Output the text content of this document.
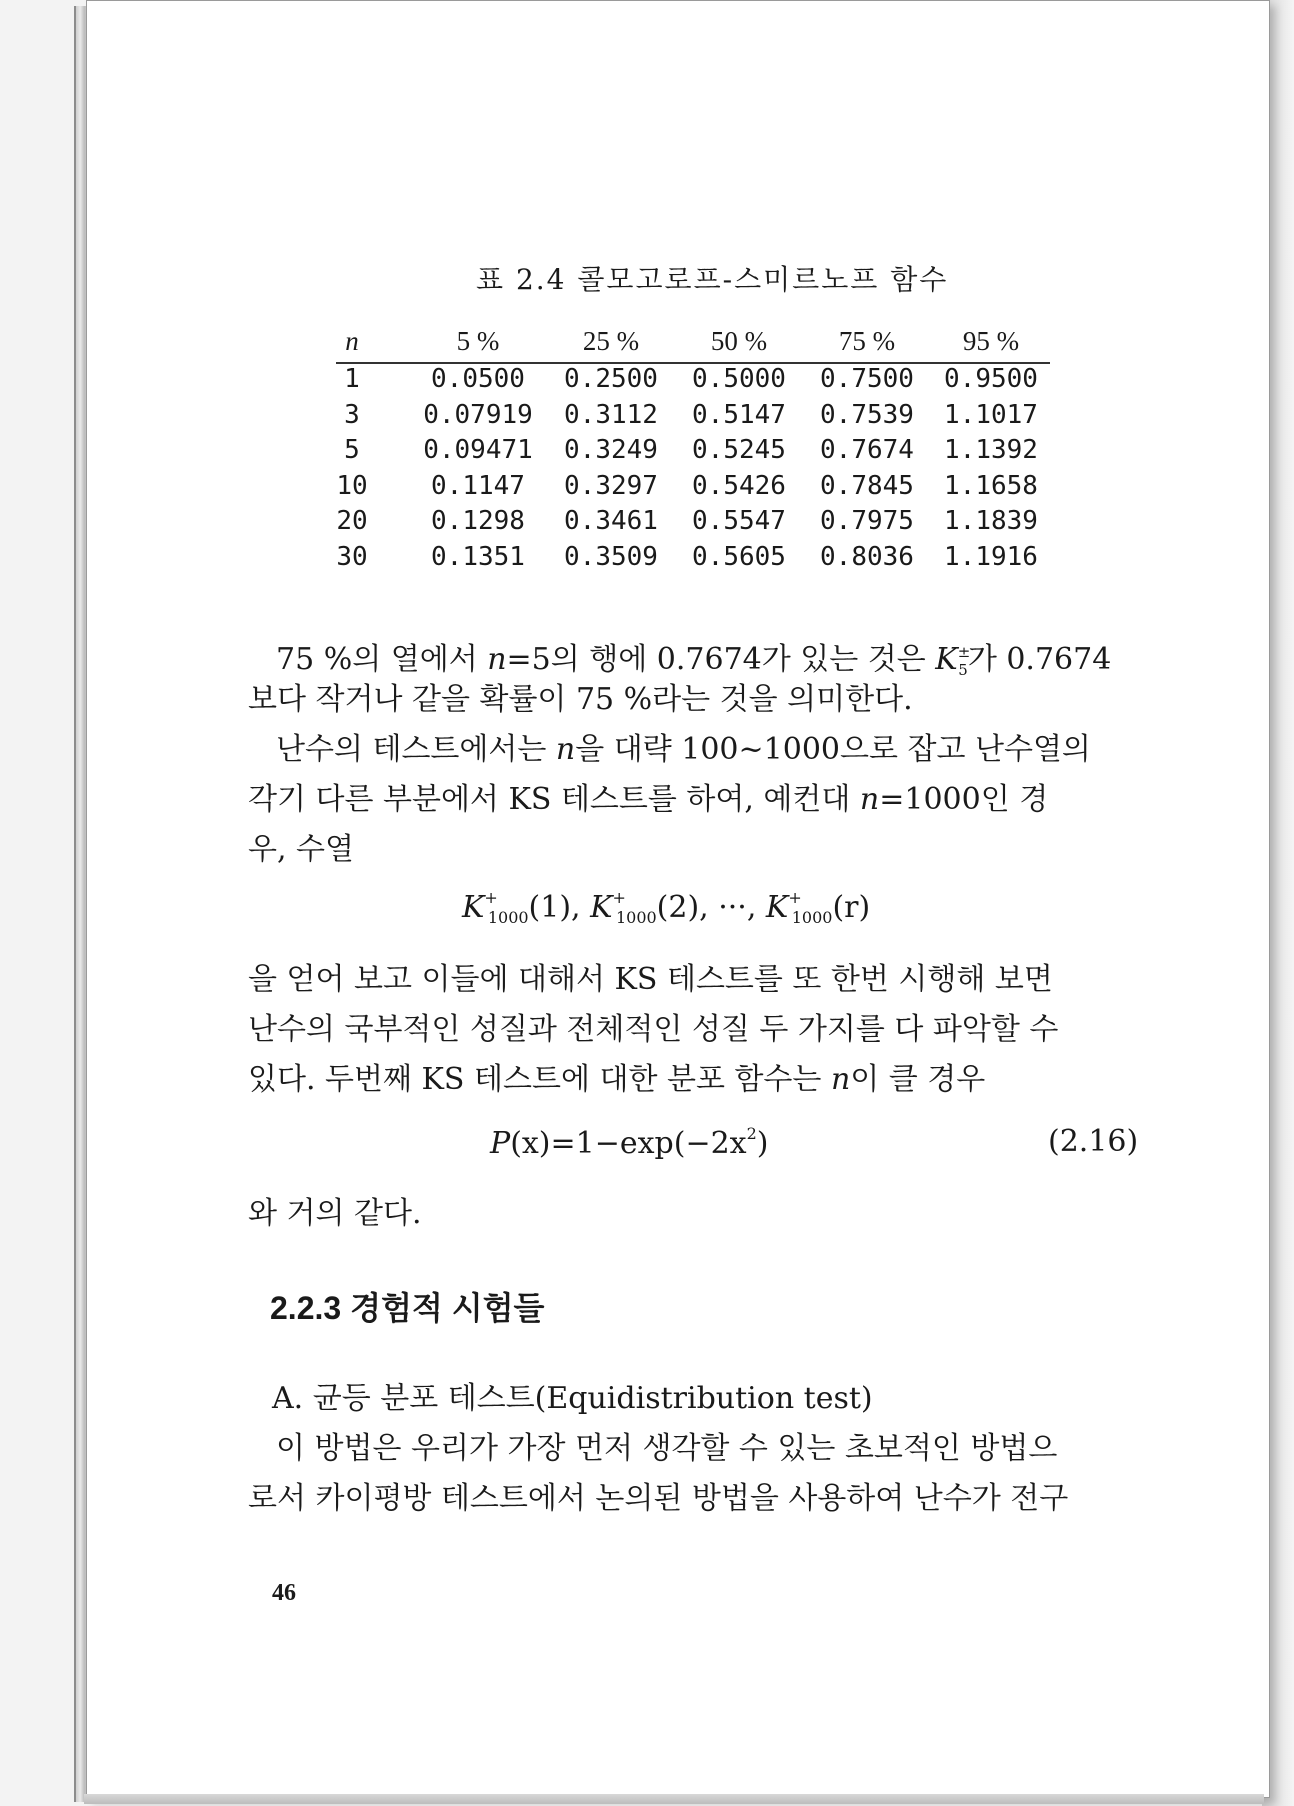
표 2.4 콜모고로프-스미르노프 함수
n	5 %	25 %	50 %	75 %	95 %
1	0.0500	0.2500	0.5000	0.7500	0.9500
3	0.07919	0.3112	0.5147	0.7539	1.1017
5	0.09471	0.3249	0.5245	0.7674	1.1392
10	0.1147	0.3297	0.5426	0.7845	1.1658
20	0.1298	0.3461	0.5547	0.7975	1.1839
30	0.1351	0.3509	0.5605	0.8036	1.1916
75 %의 열에서 n=5의 행에 0.7674가 있는 것은 $K^\pm_5$가 0.7674
보다 작거나 같을 확률이 75 %라는 것을 의미한다.
난수의 테스트에서는 n을 대략 100~1000으로 잡고 난수열의
각기 다른 부분에서 KS 테스트를 하여, 예컨대 n=1000인 경
우, 수열
$K^+_{1000}(1)$, $K^+_{1000}(2)$, ···, $K^+_{1000}(r)$
을 얻어 보고 이들에 대해서 KS 테스트를 또 한번 시행해 보면
난수의 국부적인 성질과 전체적인 성질 두 가지를 다 파악할 수
있다. 두번째 KS 테스트에 대한 분포 함수는 n이 클 경우
$P(x)=1-\exp(-2x^2)$	(2.16)
와 거의 같다.
2.2.3 경험적 시험들
A. 균등 분포 테스트(Equidistribution test)
이 방법은 우리가 가장 먼저 생각할 수 있는 초보적인 방법으
로서 카이평방 테스트에서 논의된 방법을 사용하여 난수가 전구
46
